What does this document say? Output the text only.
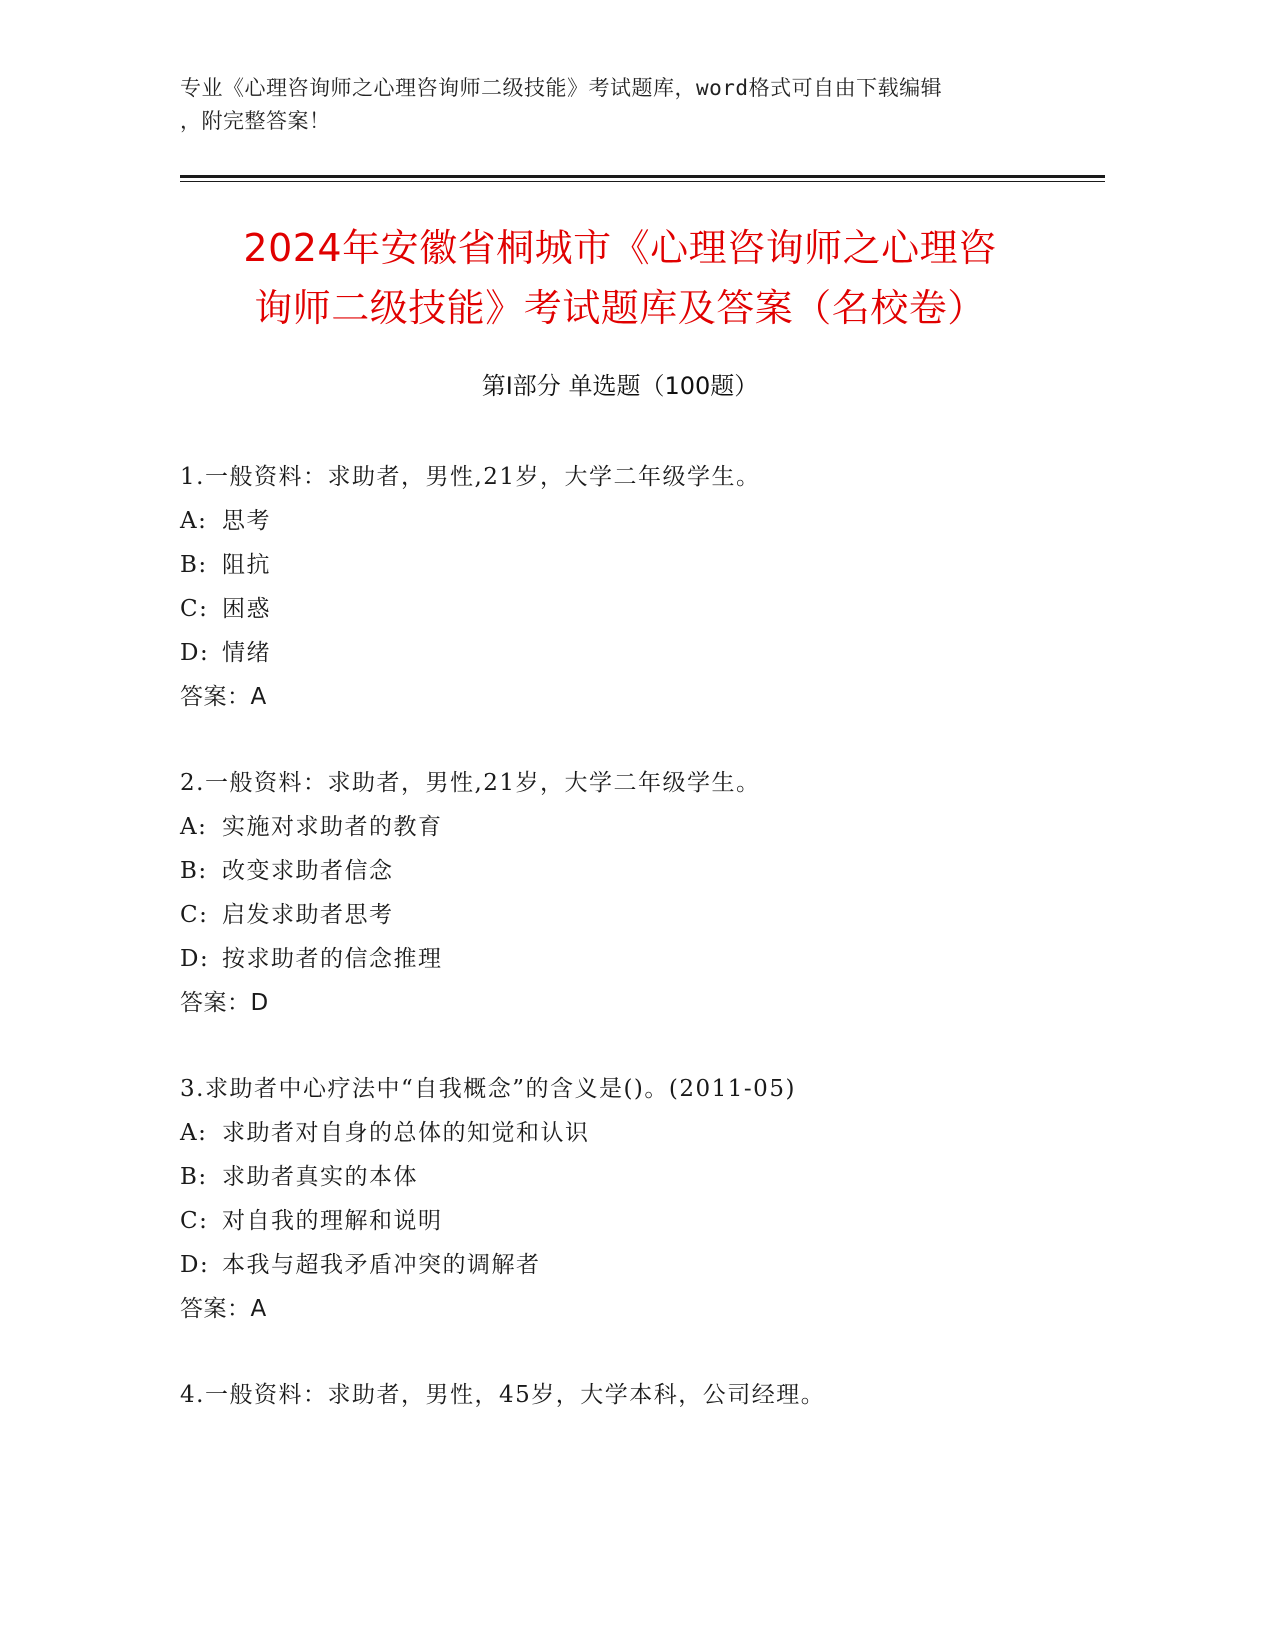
专业《心理咨询师之心理咨询师二级技能》考试题库，word格式可自由下载编辑
，附完整答案！
2024年安徽省桐城市《心理咨询师之心理咨
询师二级技能》考试题库及答案（名校卷）
第Ⅰ部分 单选题（100题）
1.一般资料：求助者，男性,21岁，大学二年级学生。
A: 思考
B: 阻抗
C: 困惑
D: 情绪
答案：A
2.一般资料：求助者，男性,21岁，大学二年级学生。
A: 实施对求助者的教育
B: 改变求助者信念
C: 启发求助者思考
D: 按求助者的信念推理
答案：D
3.求助者中心疗法中“自我概念”的含义是()。(2011-05)
A: 求助者对自身的总体的知觉和认识
B: 求助者真实的本体
C: 对自我的理解和说明
D: 本我与超我矛盾冲突的调解者
答案：A
4.一般资料：求助者，男性，45岁，大学本科，公司经理。
